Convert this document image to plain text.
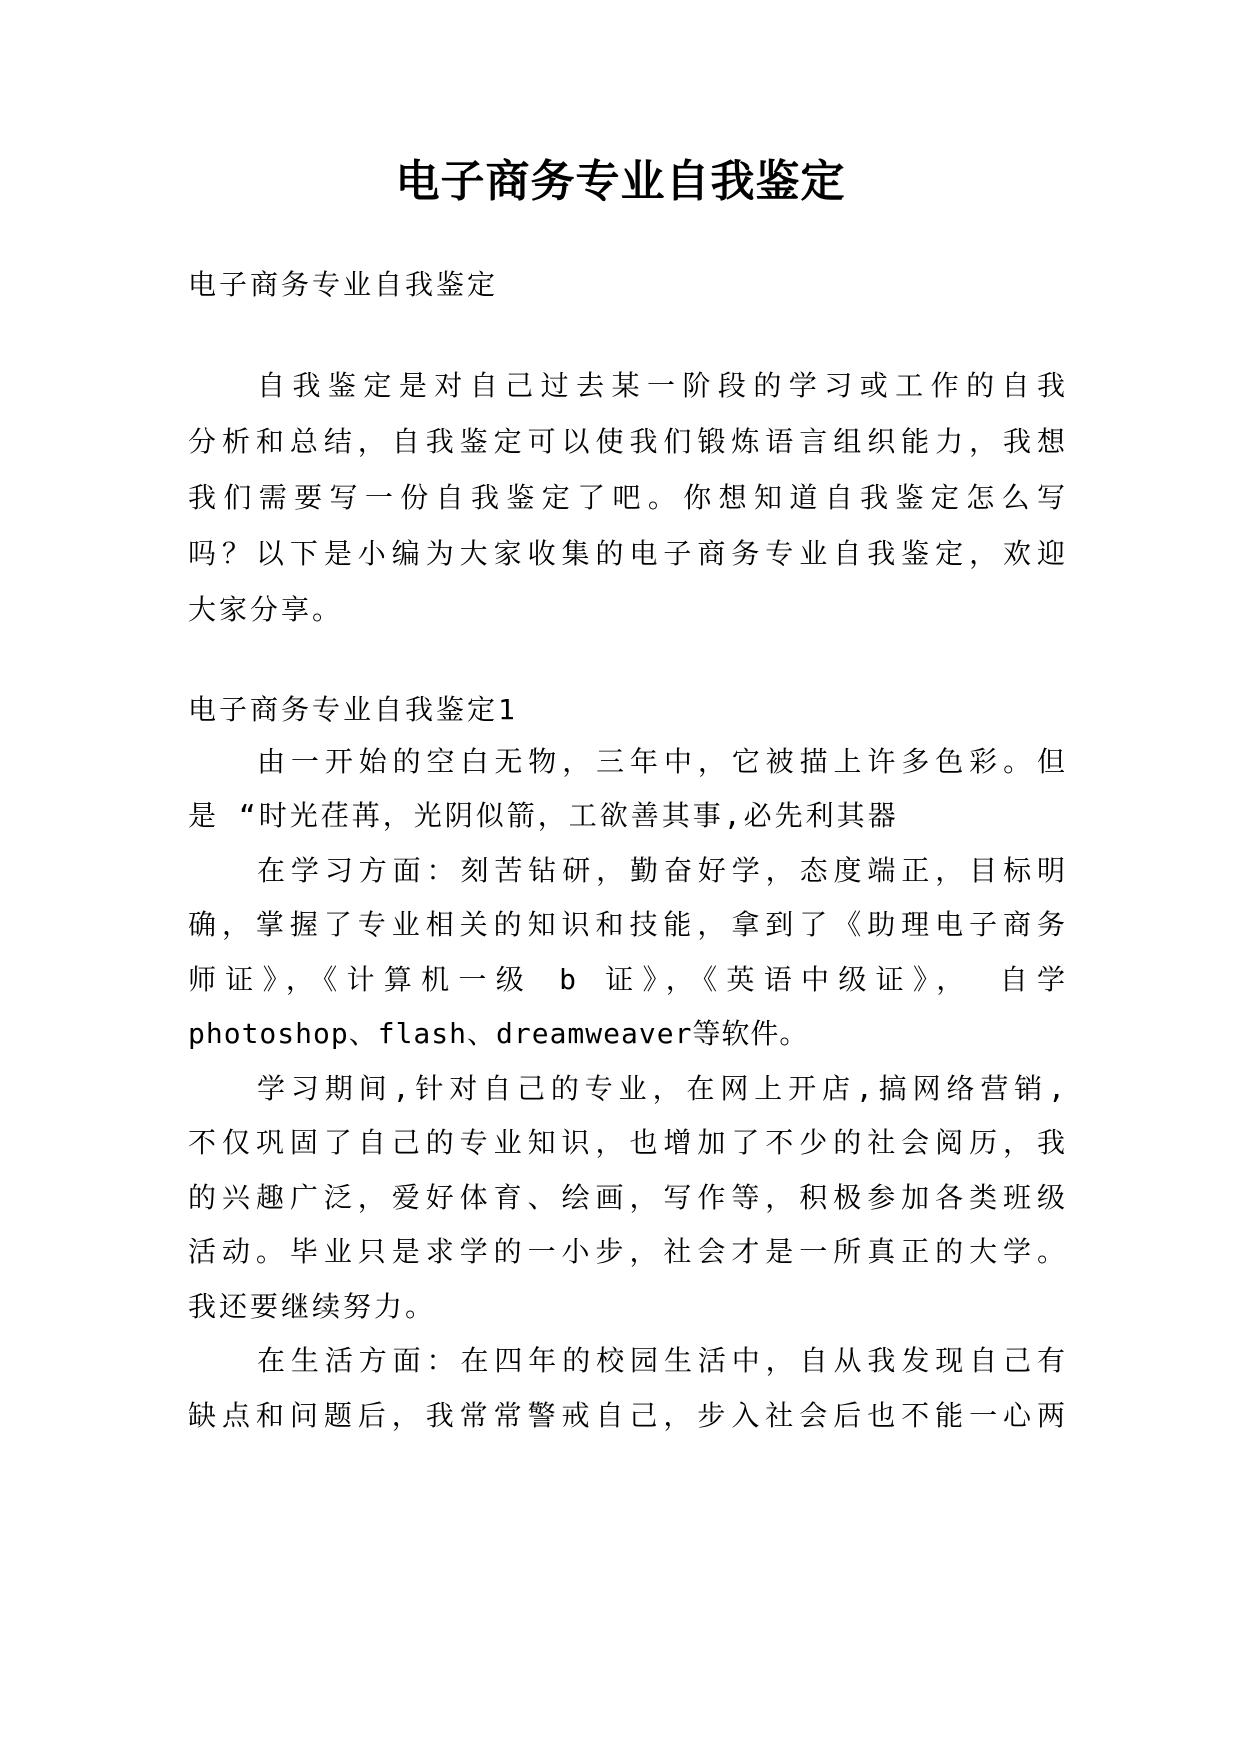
电子商务专业自我鉴定
电子商务专业自我鉴定
自我鉴定是对自己过去某一阶段的学习或工作的自我
分析和总结，自我鉴定可以使我们锻炼语言组织能力，我想
我们需要写一份自我鉴定了吧。你想知道自我鉴定怎么写
吗？以下是小编为大家收集的电子商务专业自我鉴定，欢迎
大家分享。
电子商务专业自我鉴定1
由一开始的空白无物，三年中，它被描上许多色彩。但
是 “时光荏苒，光阴似箭，工欲善其事,必先利其器
在学习方面：刻苦钻研，勤奋好学，态度端正，目标明
确，掌握了专业相关的知识和技能，拿到了《助理电子商务
师证》，《计算机一级 b 证》，《英语中级证》， 自学
photoshop、flash、dreamweaver等软件。
学习期间,针对自己的专业，在网上开店,搞网络营销,
不仅巩固了自己的专业知识，也增加了不少的社会阅历，我
的兴趣广泛，爱好体育、绘画，写作等，积极参加各类班级
活动。毕业只是求学的一小步，社会才是一所真正的大学。
我还要继续努力。
在生活方面：在四年的校园生活中，自从我发现自己有
缺点和问题后，我常常警戒自己，步入社会后也不能一心两
